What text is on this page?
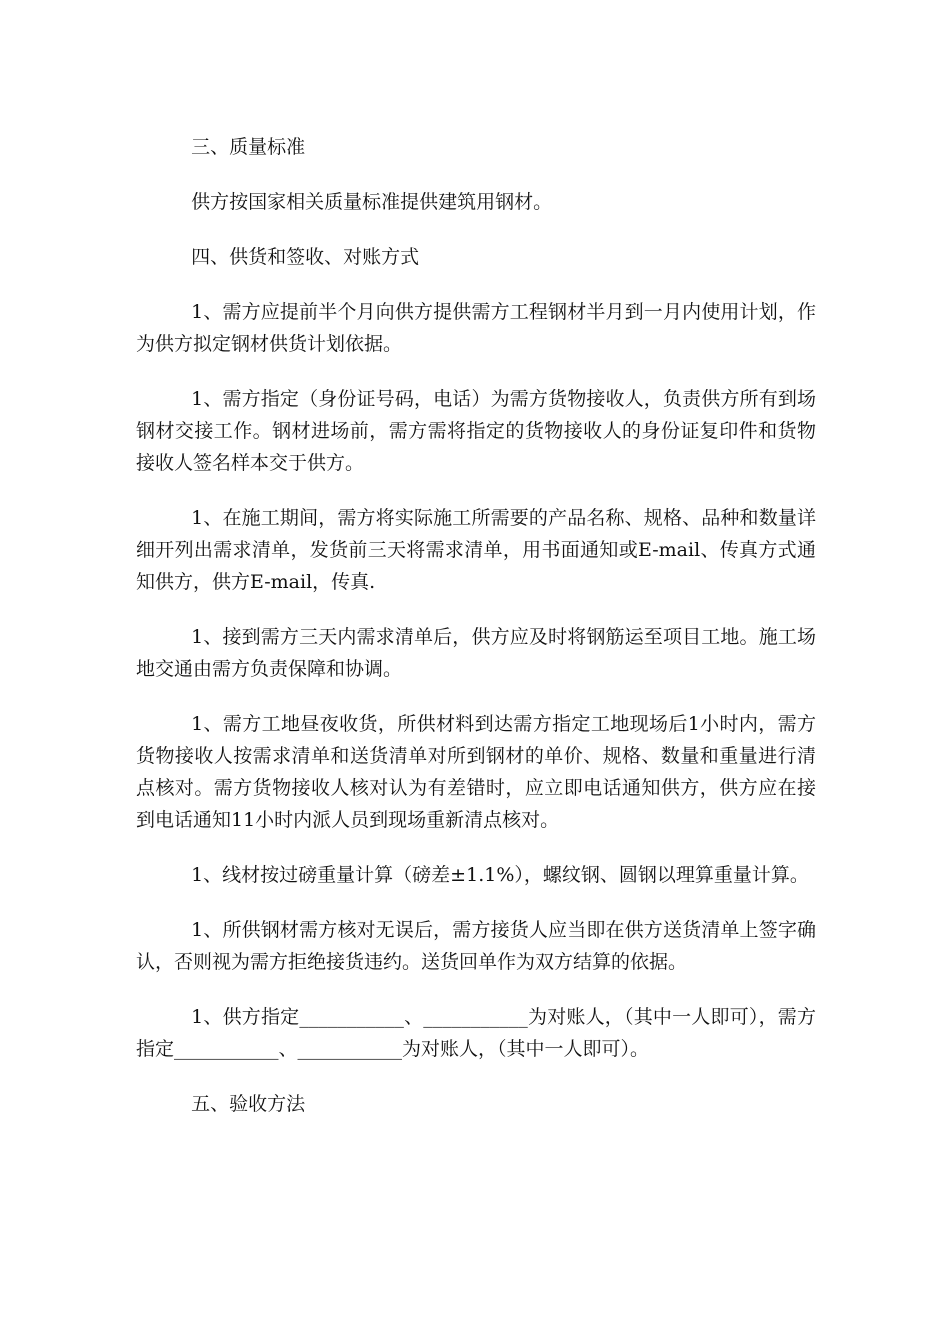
三、质量标准

供方按国家相关质量标准提供建筑用钢材。

四、供货和签收、对账方式

1、需方应提前半个月向供方提供需方工程钢材半月到一月内使用计划，作为供方拟定钢材供货计划依据。

1、需方指定（身份证号码，电话）为需方货物接收人，负责供方所有到场钢材交接工作。钢材进场前，需方需将指定的货物接收人的身份证复印件和货物接收人签名样本交于供方。

1、在施工期间，需方将实际施工所需要的产品名称、规格、品种和数量详细开列出需求清单，发货前三天将需求清单，用书面通知或E-mail、传真方式通知供方，供方E-mail，传真.

1、接到需方三天内需求清单后，供方应及时将钢筋运至项目工地。施工场地交通由需方负责保障和协调。

1、需方工地昼夜收货，所供材料到达需方指定工地现场后1小时内，需方货物接收人按需求清单和送货清单对所到钢材的单价、规格、数量和重量进行清点核对。需方货物接收人核对认为有差错时，应立即电话通知供方，供方应在接到电话通知11小时内派人员到现场重新清点核对。

1、线材按过磅重量计算（磅差±1.1%），螺纹钢、圆钢以理算重量计算。

1、所供钢材需方核对无误后，需方接货人应当即在供方送货清单上签字确认，否则视为需方拒绝接货违约。送货回单作为双方结算的依据。

1、供方指定___________、___________为对账人，（其中一人即可），需方指定___________、___________为对账人，（其中一人即可）。

五、验收方法
